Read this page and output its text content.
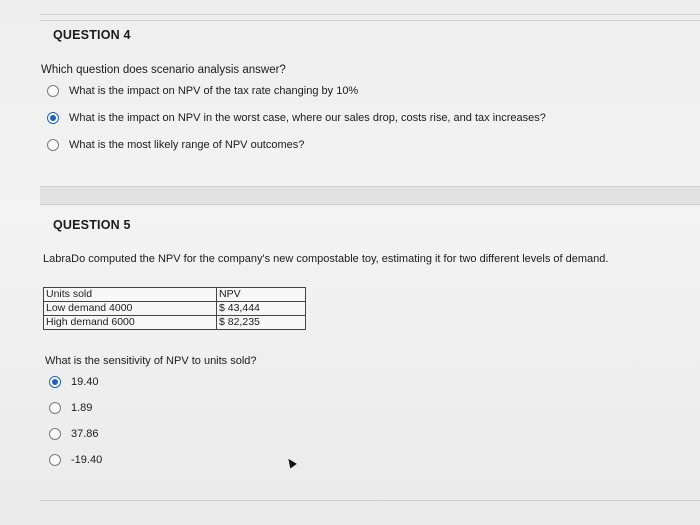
QUESTION 4
Which question does scenario analysis answer?
What is the impact on NPV of the tax rate changing by 10%
What is the impact on NPV in the worst case, where our sales drop, costs rise, and tax increases?
What is the most likely range of NPV outcomes?
QUESTION 5
LabraDo computed the NPV for the company's new compostable toy, estimating it for two different levels of demand.
Units sold	NPV
Low demand 4000	$ 43,444
High demand 6000	$ 82,235
What is the sensitivity of NPV to units sold?
19.40
1.89
37.86
-19.40
